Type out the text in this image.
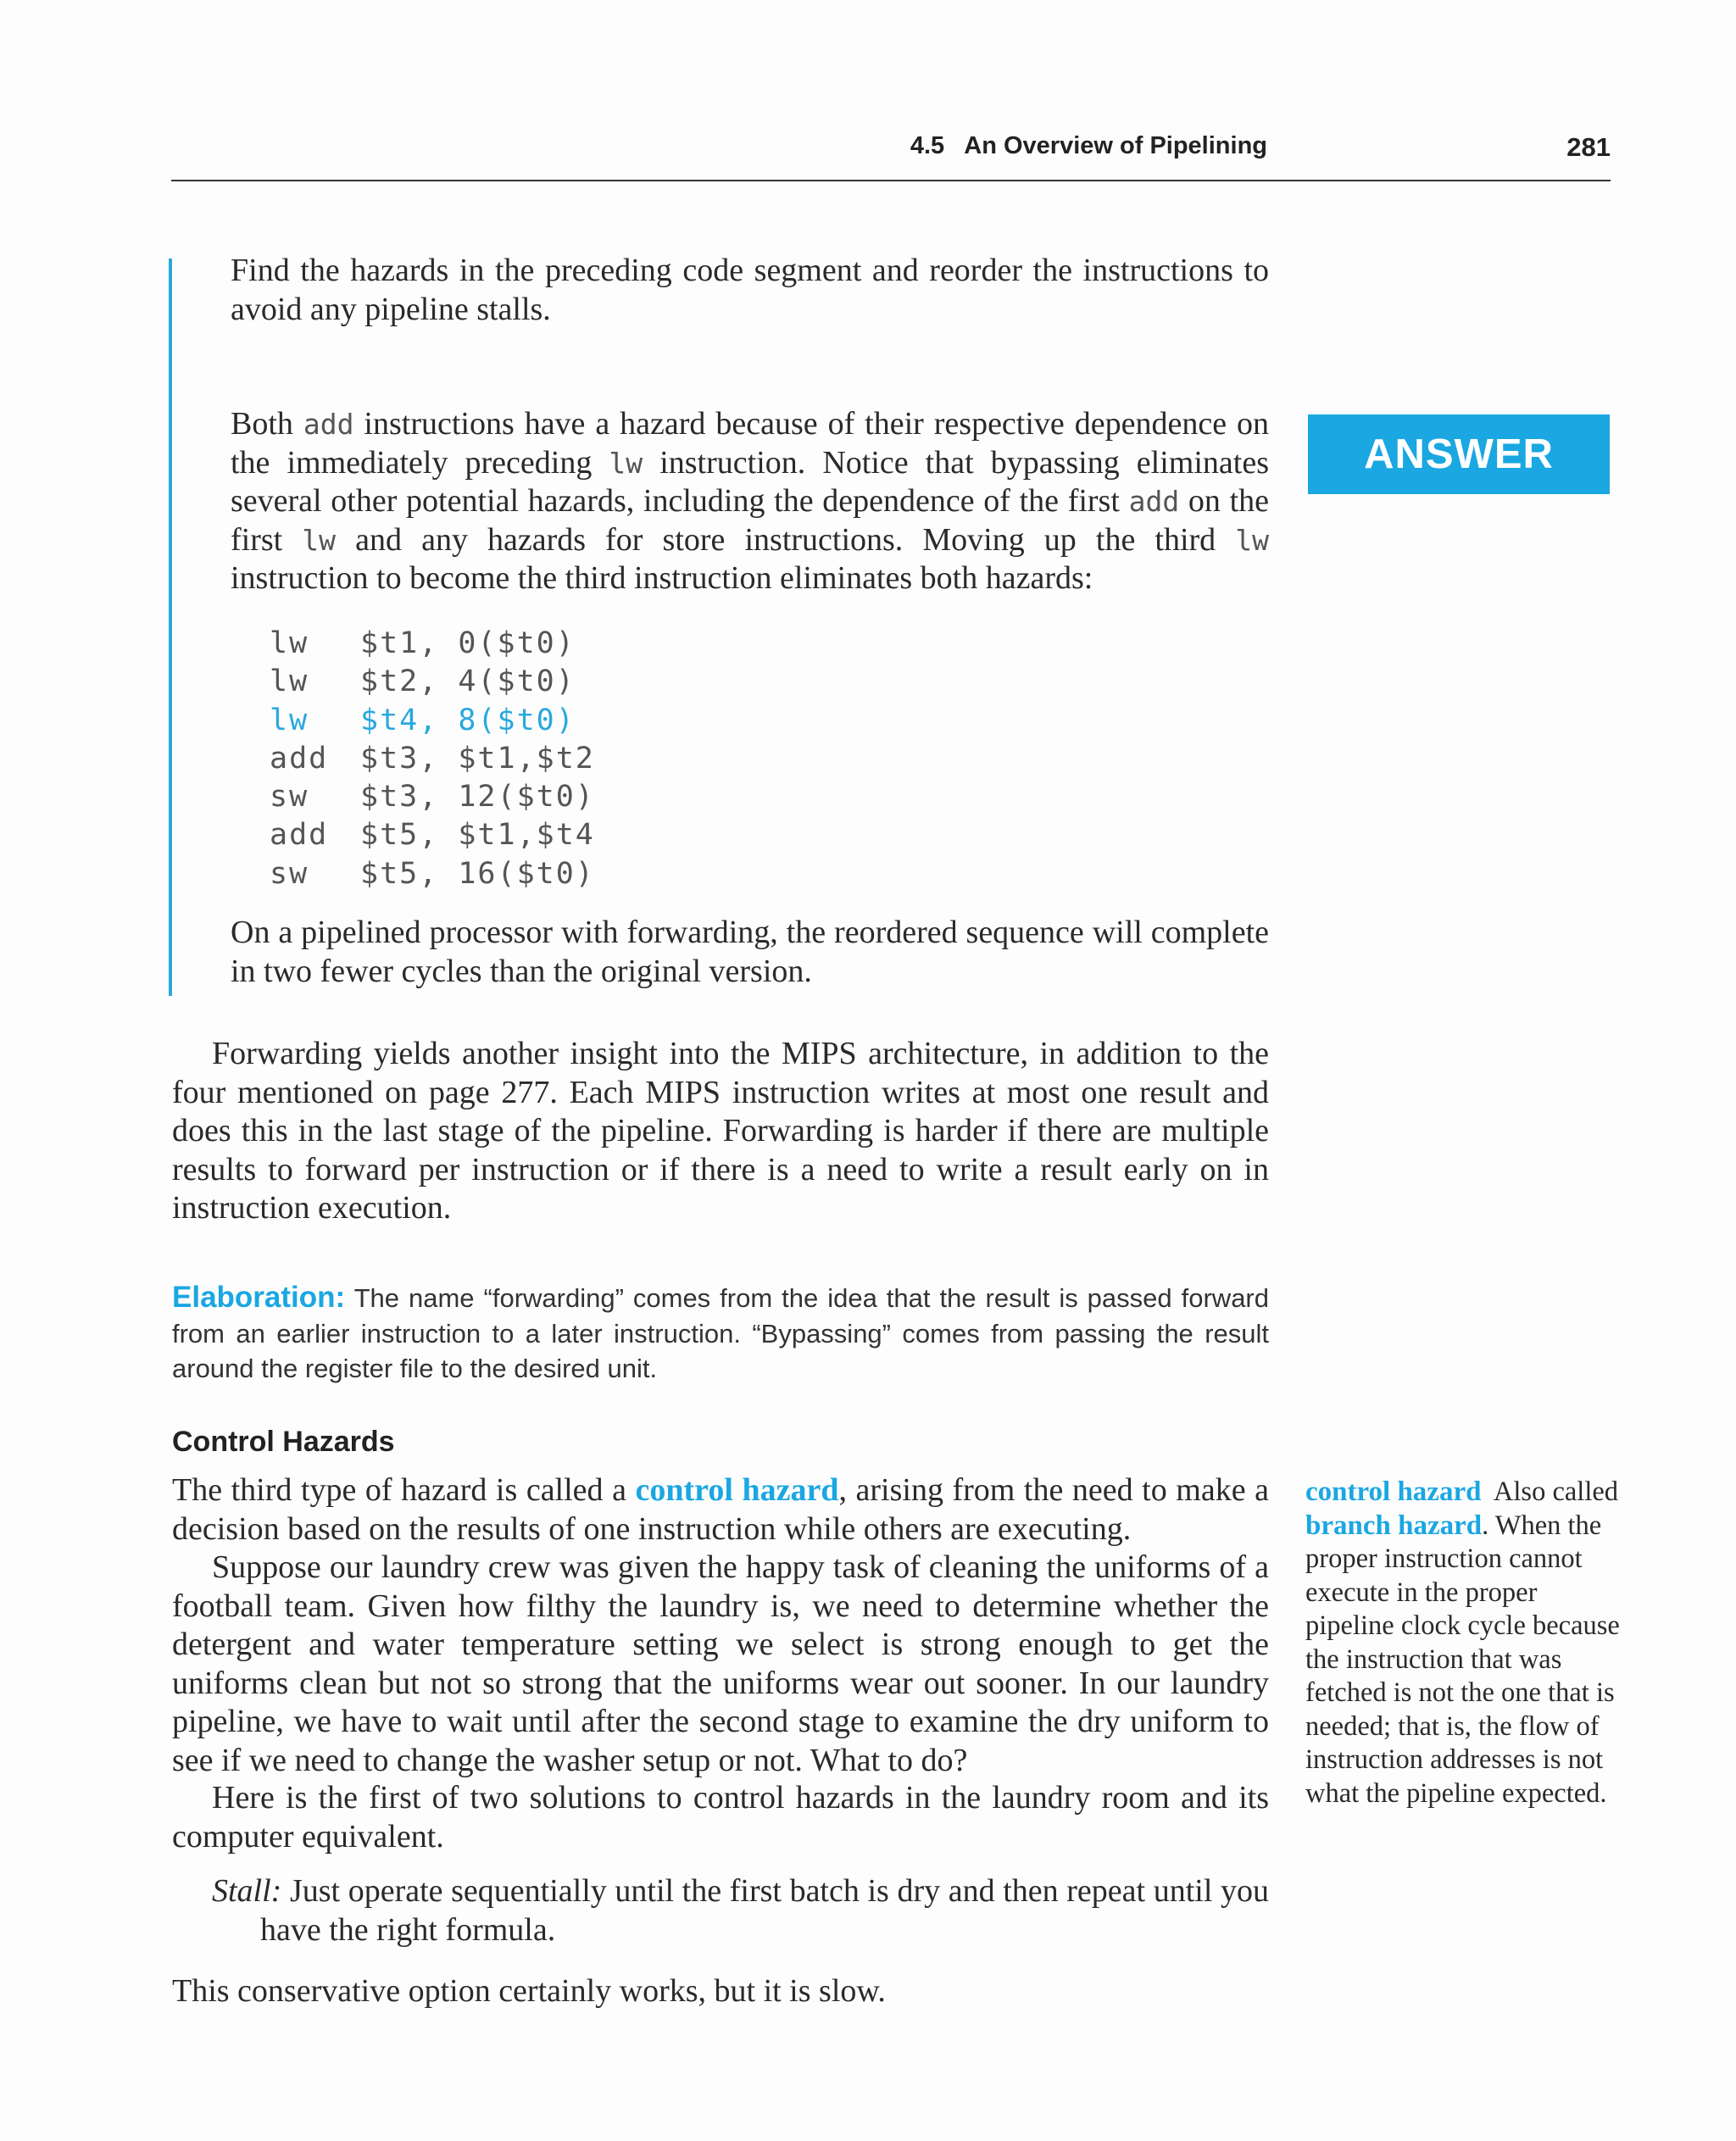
4.5   An Overview of Pipelining	281
Find the hazards in the preceding code segment and reorder the instructions to avoid any pipeline stalls.
ANSWER
Both add instructions have a hazard because of their respective dependence on the immediately preceding lw instruction. Notice that bypassing eliminates several other potential hazards, including the dependence of the first add on the first lw and any hazards for store instructions. Moving up the third lw instruction to become the third instruction eliminates both hazards:
lw $t1, 0($t0)
lw $t2, 4($t0)
lw $t4, 8($t0)
add $t3, $t1,$t2
sw $t3, 12($t0)
add $t5, $t1,$t4
sw $t5, 16($t0)
On a pipelined processor with forwarding, the reordered sequence will complete in two fewer cycles than the original version.
Forwarding yields another insight into the MIPS architecture, in addition to the four mentioned on page 277. Each MIPS instruction writes at most one result and does this in the last stage of the pipeline. Forwarding is harder if there are multiple results to forward per instruction or if there is a need to write a result early on in instruction execution.
Elaboration: The name “forwarding” comes from the idea that the result is passed forward from an earlier instruction to a later instruction. “Bypassing” comes from passing the result around the register file to the desired unit.
Control Hazards
The third type of hazard is called a control hazard, arising from the need to make a decision based on the results of one instruction while others are executing.
Suppose our laundry crew was given the happy task of cleaning the uniforms of a football team. Given how filthy the laundry is, we need to determine whether the detergent and water temperature setting we select is strong enough to get the uniforms clean but not so strong that the uniforms wear out sooner. In our laundry pipeline, we have to wait until after the second stage to examine the dry uniform to see if we need to change the washer setup or not. What to do?
Here is the first of two solutions to control hazards in the laundry room and its computer equivalent.
Stall: Just operate sequentially until the first batch is dry and then repeat until you have the right formula.
This conservative option certainly works, but it is slow.
control hazard  Also called branch hazard. When the proper instruction cannot execute in the proper pipeline clock cycle because the instruction that was fetched is not the one that is needed; that is, the flow of instruction addresses is not what the pipeline expected.
